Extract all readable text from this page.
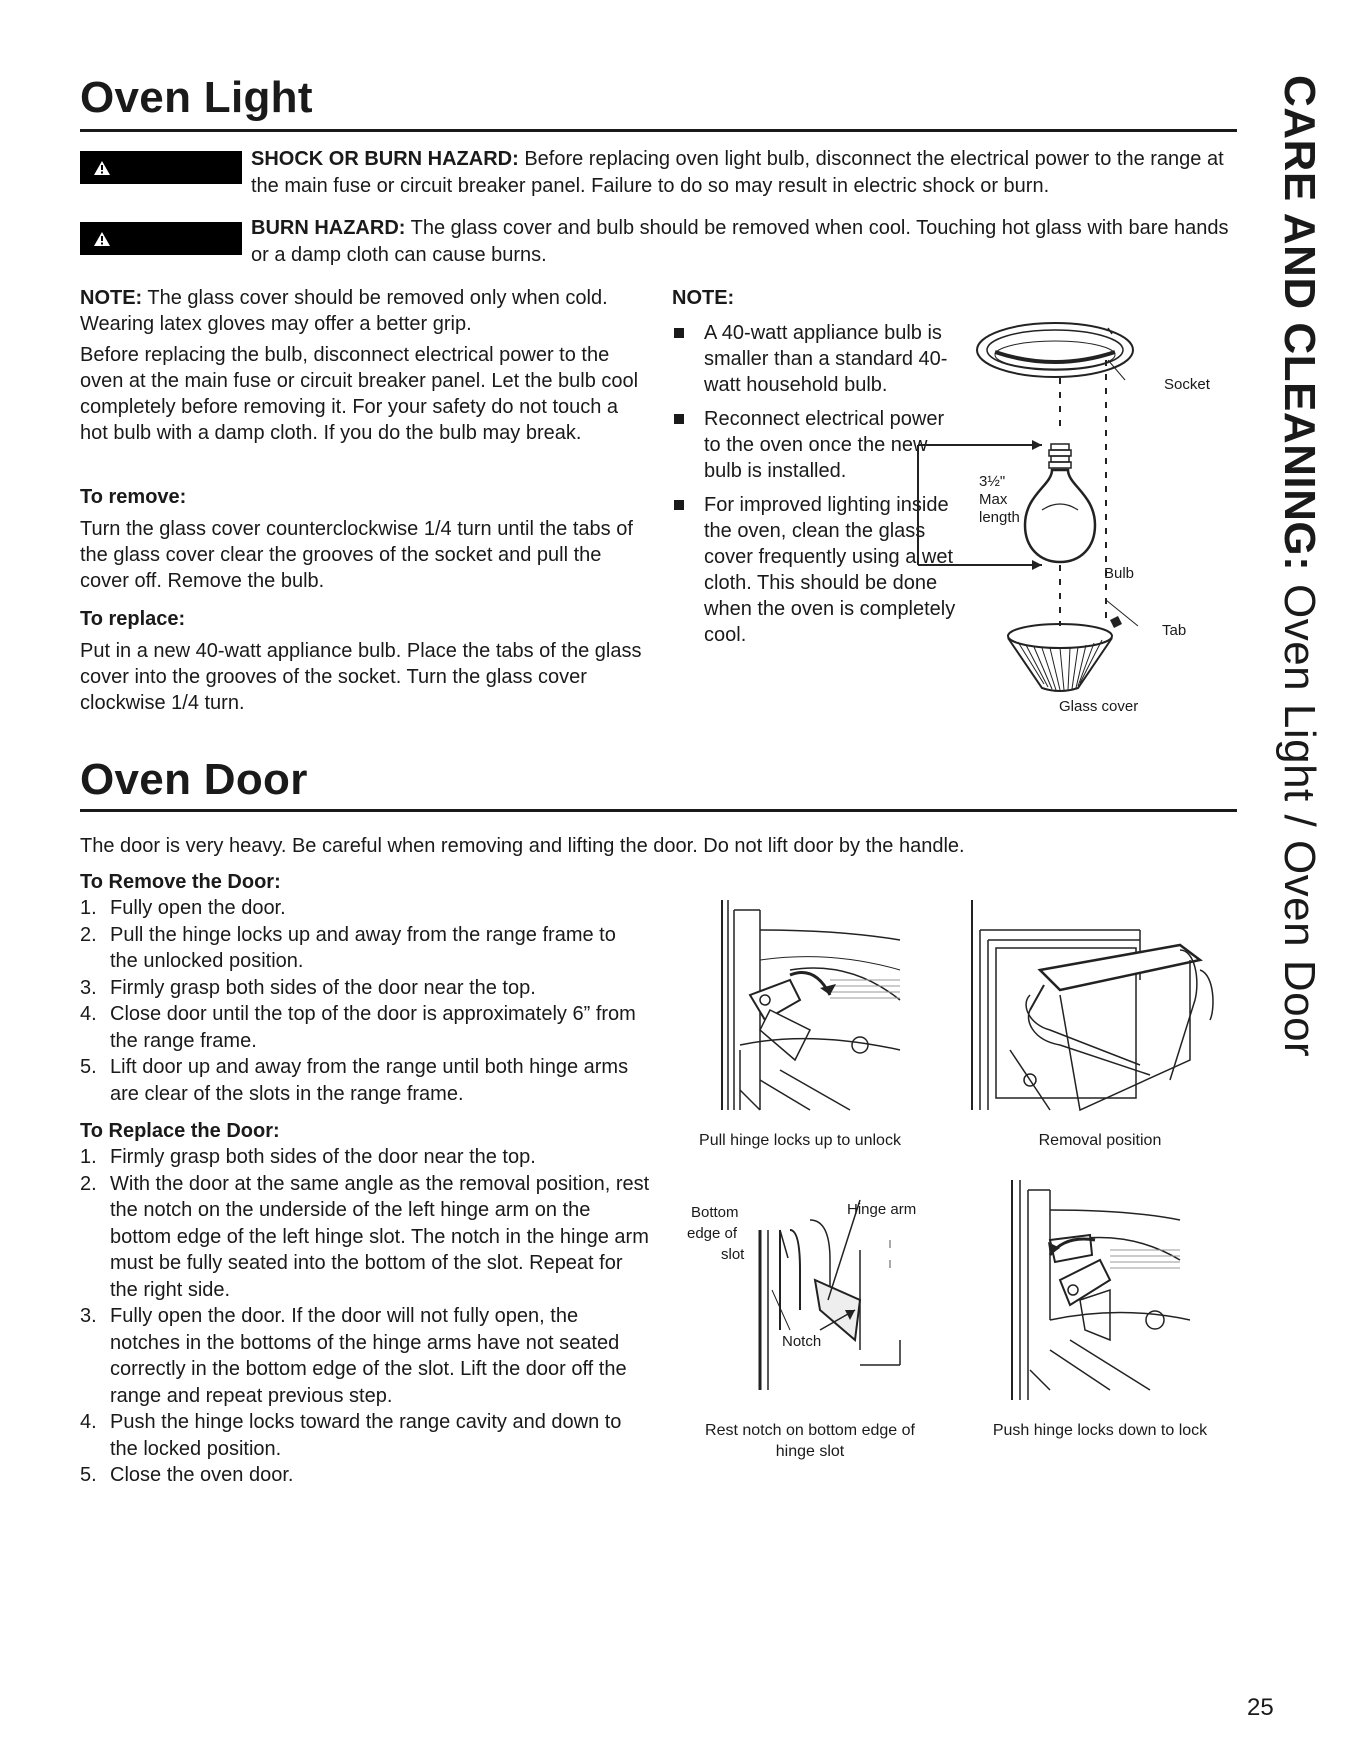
Oven Light
SHOCK OR BURN HAZARD: Before replacing oven light bulb, disconnect the electrical power to the range at the main fuse or circuit breaker panel. Failure to do so may result in electric shock or burn.
BURN HAZARD: The glass cover and bulb should be removed when cool. Touching hot glass with bare hands or a damp cloth can cause burns.
NOTE: The glass cover should be removed only when cold. Wearing latex gloves may offer a better grip.
Before replacing the bulb, disconnect electrical power to the oven at the main fuse or circuit breaker panel. Let the bulb cool completely before removing it. For your safety do not touch a hot bulb with a damp cloth. If you do the bulb may break.
To remove:
Turn the glass cover counterclockwise 1/4 turn until the tabs of the glass cover clear the grooves of the socket and pull the cover off. Remove the bulb.
To replace:
Put in a new 40-watt appliance bulb. Place the tabs of the glass cover into the grooves of the socket. Turn the glass cover clockwise 1/4 turn.
NOTE:
A 40-watt appliance bulb is smaller than a standard 40-watt household bulb.
Reconnect electrical power to the oven once the new bulb is installed.
For improved lighting inside the oven, clean the glass cover frequently using a wet cloth. This should be done when the oven is completely cool.
Socket
3½"
Max
length
Bulb
Tab
Glass cover
Oven Door
The door is very heavy. Be careful when removing and lifting the door. Do not lift door by the handle.
To Remove the Door:
1. Fully open the door.
2. Pull the hinge locks up and away from the range frame to the unlocked position.
3. Firmly grasp both sides of the door near the top.
4. Close door until the top of the door is approximately 6” from the range frame.
5. Lift door up and away from the range until both hinge arms are clear of the slots in the range frame.
To Replace the Door:
1. Firmly grasp both sides of the door near the top.
2. With the door at the same angle as the removal position, rest the notch on the underside of the left hinge arm on the bottom edge of the left hinge slot. The notch in the hinge arm must be fully seated into the bottom of the slot. Repeat for the right side.
3. Fully open the door. If the door will not fully open, the notches in the bottoms of the hinge arms have not seated correctly in the bottom edge of the slot. Lift the door off the range and repeat previous step.
4. Push the hinge locks toward the range cavity and down to the locked position.
5. Close the oven door.
Pull hinge locks up to unlock	Removal position
Bottom
edge of
slot
Hinge arm
Notch
Rest notch on bottom edge of hinge slot
Push hinge locks down to lock
CARE AND CLEANING: Oven Light / Oven Door
25
